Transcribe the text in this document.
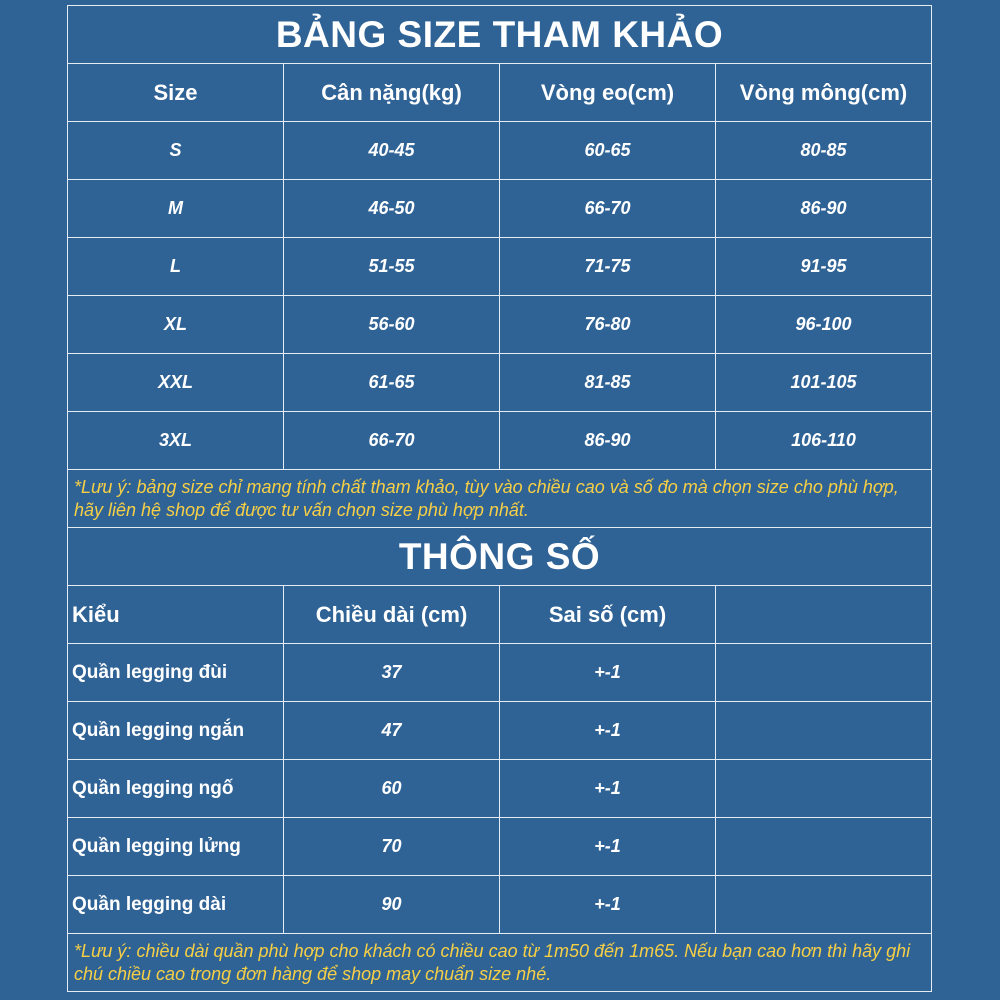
BẢNG SIZE THAM KHẢO
Size	Cân nặng(kg)	Vòng eo(cm)	Vòng mông(cm)
S	40-45	60-65	80-85
M	46-50	66-70	86-90
L	51-55	71-75	91-95
XL	56-60	76-80	96-100
XXL	61-65	81-85	101-105
3XL	66-70	86-90	106-110
*Lưu ý: bảng size chỉ mang tính chất tham khảo, tùy vào chiều cao và số đo mà chọn size cho phù hợp, hãy liên hệ shop để được tư vấn chọn size phù hợp nhất.
THÔNG SỐ
Kiểu	Chiều dài (cm)	Sai số (cm)
Quần legging đùi	37	+-1
Quần legging ngắn	47	+-1
Quần legging ngố	60	+-1
Quần legging lửng	70	+-1
Quần legging dài	90	+-1
*Lưu ý: chiều dài quần phù hợp cho khách có chiều cao từ 1m50 đến 1m65. Nếu bạn cao hơn thì hãy ghi chú chiều cao trong đơn hàng để shop may chuẩn size nhé.
